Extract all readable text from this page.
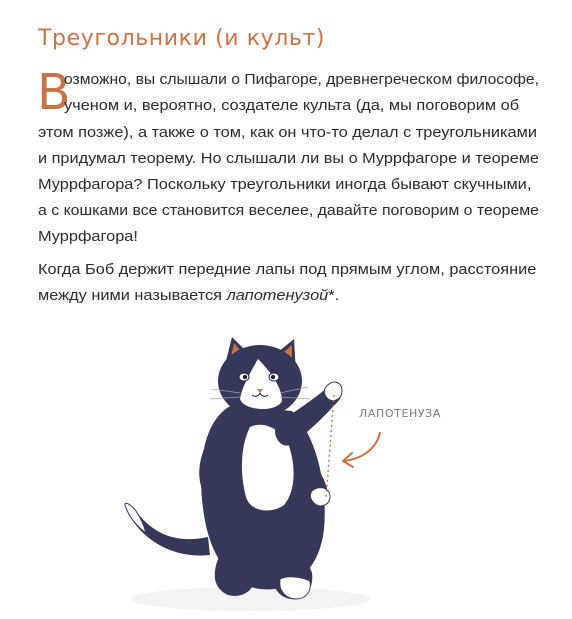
Треугольники (и культ)
В
озможно, вы слышали о Пифагоре, древнегреческом философе,
ученом и, вероятно, создателе культа (да, мы поговорим об
этом позже), а также о том, как он что-то делал с треугольниками
и придумал теорему. Но слышали ли вы о Муррфагоре и теореме
Муррфагора? Поскольку треугольники иногда бывают скучными,
а с кошками все становится веселее, давайте поговорим о теореме
Муррфагора!
Когда Боб держит передние лапы под прямым углом, расстояние
между ними называется лапотенузой*.
ЛАПОТЕНУЗА
